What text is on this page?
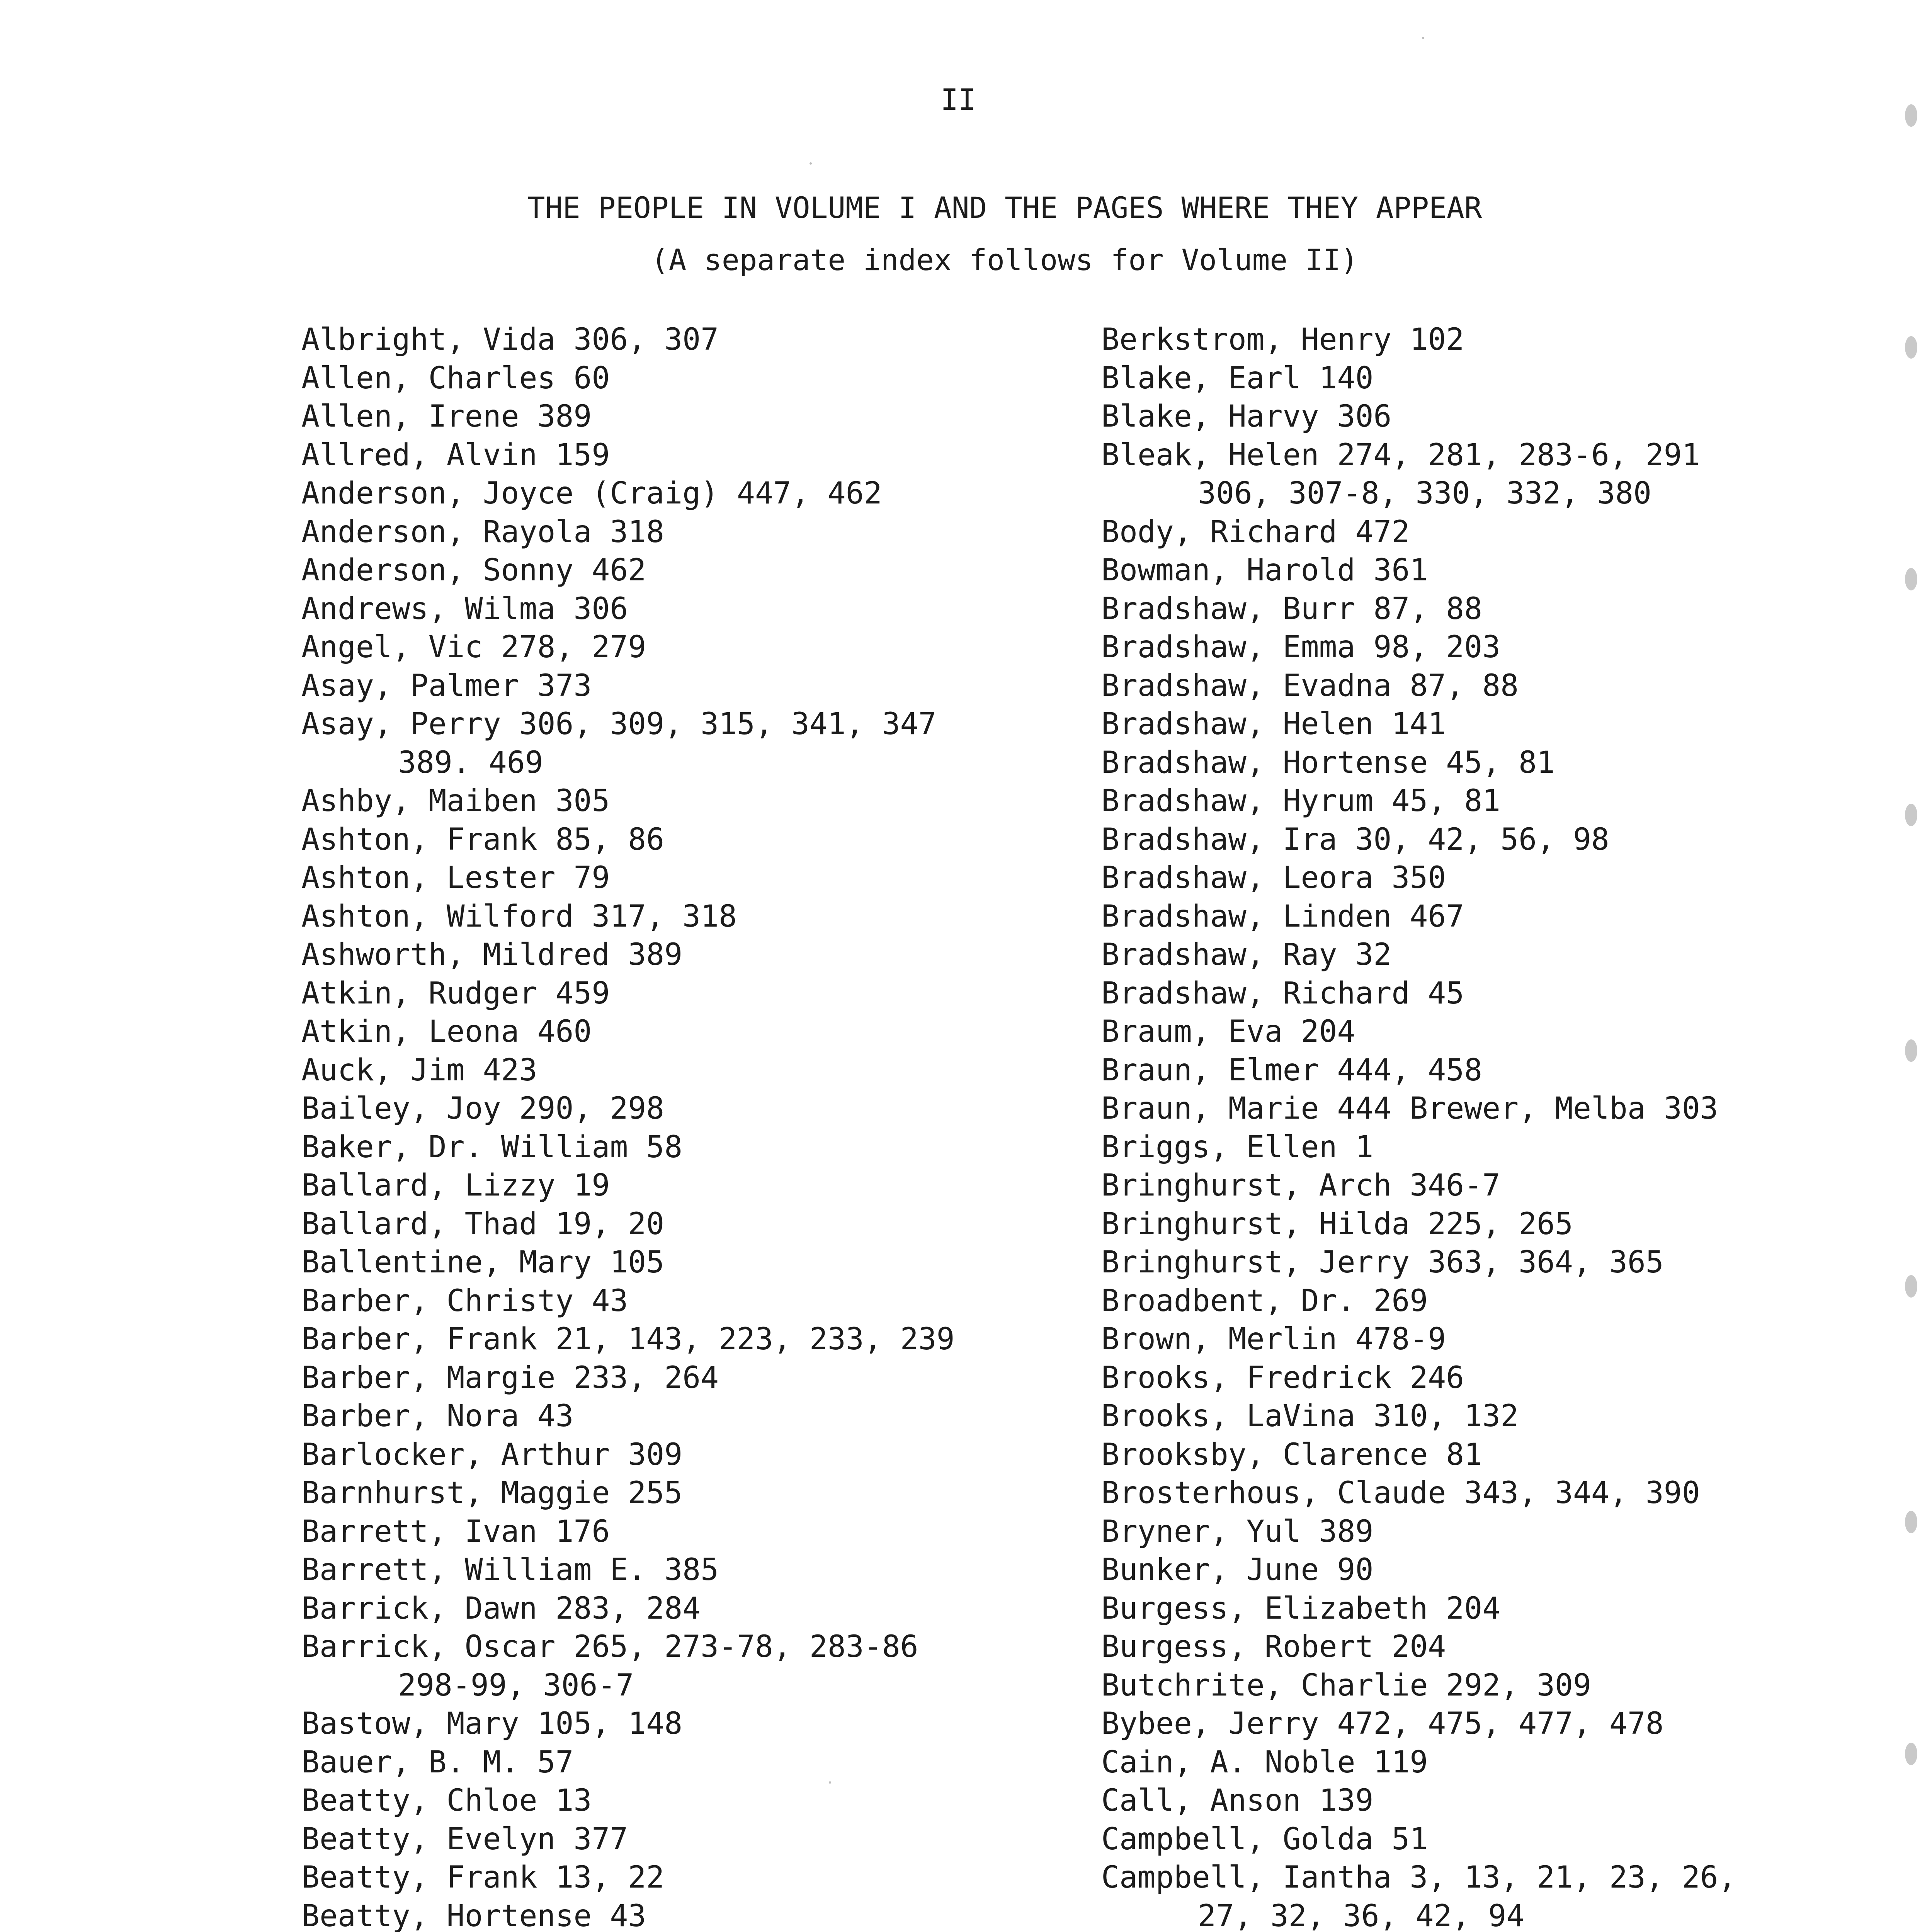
II
THE PEOPLE IN VOLUME I AND THE PAGES WHERE THEY APPEAR
(A separate index follows for Volume II)
Albright, Vida 306, 307
Allen, Charles 60
Allen, Irene 389
Allred, Alvin 159
Anderson, Joyce (Craig) 447, 462
Anderson, Rayola 318
Anderson, Sonny 462
Andrews, Wilma 306
Angel, Vic 278, 279
Asay, Palmer 373
Asay, Perry 306, 309, 315, 341, 347
389. 469
Ashby, Maiben 305
Ashton, Frank 85, 86
Ashton, Lester 79
Ashton, Wilford 317, 318
Ashworth, Mildred 389
Atkin, Rudger 459
Atkin, Leona 460
Auck, Jim 423
Bailey, Joy 290, 298
Baker, Dr. William 58
Ballard, Lizzy 19
Ballard, Thad 19, 20
Ballentine, Mary 105
Barber, Christy 43
Barber, Frank 21, 143, 223, 233, 239
Barber, Margie 233, 264
Barber, Nora 43
Barlocker, Arthur 309
Barnhurst, Maggie 255
Barrett, Ivan 176
Barrett, William E. 385
Barrick, Dawn 283, 284
Barrick, Oscar 265, 273-78, 283-86
298-99, 306-7
Bastow, Mary 105, 148
Bauer, B. M. 57
Beatty, Chloe 13
Beatty, Evelyn 377
Beatty, Frank 13, 22
Beatty, Hortense 43
Berkstrom, Henry 102
Blake, Earl 140
Blake, Harvy 306
Bleak, Helen 274, 281, 283-6, 291
306, 307-8, 330, 332, 380
Body, Richard 472
Bowman, Harold 361
Bradshaw, Burr 87, 88
Bradshaw, Emma 98, 203
Bradshaw, Evadna 87, 88
Bradshaw, Helen 141
Bradshaw, Hortense 45, 81
Bradshaw, Hyrum 45, 81
Bradshaw, Ira 30, 42, 56, 98
Bradshaw, Leora 350
Bradshaw, Linden 467
Bradshaw, Ray 32
Bradshaw, Richard 45
Braum, Eva 204
Braun, Elmer 444, 458
Braun, Marie 444 Brewer, Melba 303
Briggs, Ellen 1
Bringhurst, Arch 346-7
Bringhurst, Hilda 225, 265
Bringhurst, Jerry 363, 364, 365
Broadbent, Dr. 269
Brown, Merlin 478-9
Brooks, Fredrick 246
Brooks, LaVina 310, 132
Brooksby, Clarence 81
Brosterhous, Claude 343, 344, 390
Bryner, Yul 389
Bunker, June 90
Burgess, Elizabeth 204
Burgess, Robert 204
Butchrite, Charlie 292, 309
Bybee, Jerry 472, 475, 477, 478
Cain, A. Noble 119
Call, Anson 139
Campbell, Golda 51
Campbell, Iantha 3, 13, 21, 23, 26,
27, 32, 36, 42, 94
